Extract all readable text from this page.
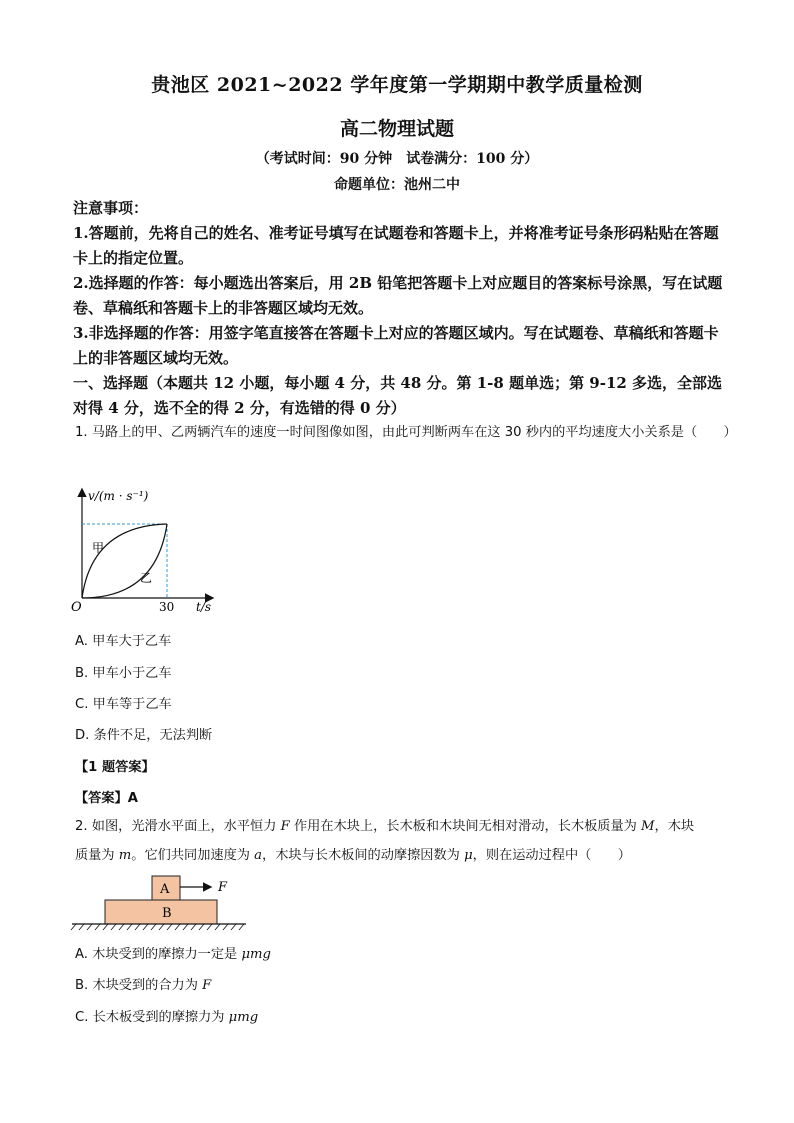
贵池区 2021~2022 学年度第一学期期中教学质量检测
高二物理试题
（考试时间：90 分钟　试卷满分：100 分）
命题单位：池州二中

注意事项：

1.答题前，先将自己的姓名、准考证号填写在试题卷和答题卡上，并将准考证号条形码粘贴在答题卡上的指定位置。

2.选择题的作答：每小题选出答案后，用 2B 铅笔把答题卡上对应题目的答案标号涂黑，写在试题卷、草稿纸和答题卡上的非答题区域均无效。

3.非选择题的作答：用签字笔直接答在答题卡上对应的答题区域内。写在试题卷、草稿纸和答题卡上的非答题区域均无效。

一、选择题（本题共 12 小题，每小题 4 分，共 48 分。第 1-8 题单选；第 9-12 多选，全部选对得 4 分，选不全的得 2 分，有选错的得 0 分）

1. 马路上的甲、乙两辆汽车的速度一时间图像如图，由此可判断两车在这 30 秒内的平均速度大小关系是（　　）

v/(m · s⁻¹)
t/s
O	30
甲
乙
A. 甲车大于乙车
B. 甲车小于乙车
C. 甲车等于乙车
D. 条件不足，无法判断
【1 题答案】
【答案】A

2. 如图，光滑水平面上，水平恒力 F 作用在木块上，长木板和木块间无相对滑动，长木板质量为 M，木块

质量为 m。它们共同加速度为 a，木块与长木板间的动摩擦因数为 μ，则在运动过程中（　　）

A
B
F
A. 木块受到的摩擦力一定是 μmg
B. 木块受到的合力为 F
C. 长木板受到的摩擦力为 μmg
